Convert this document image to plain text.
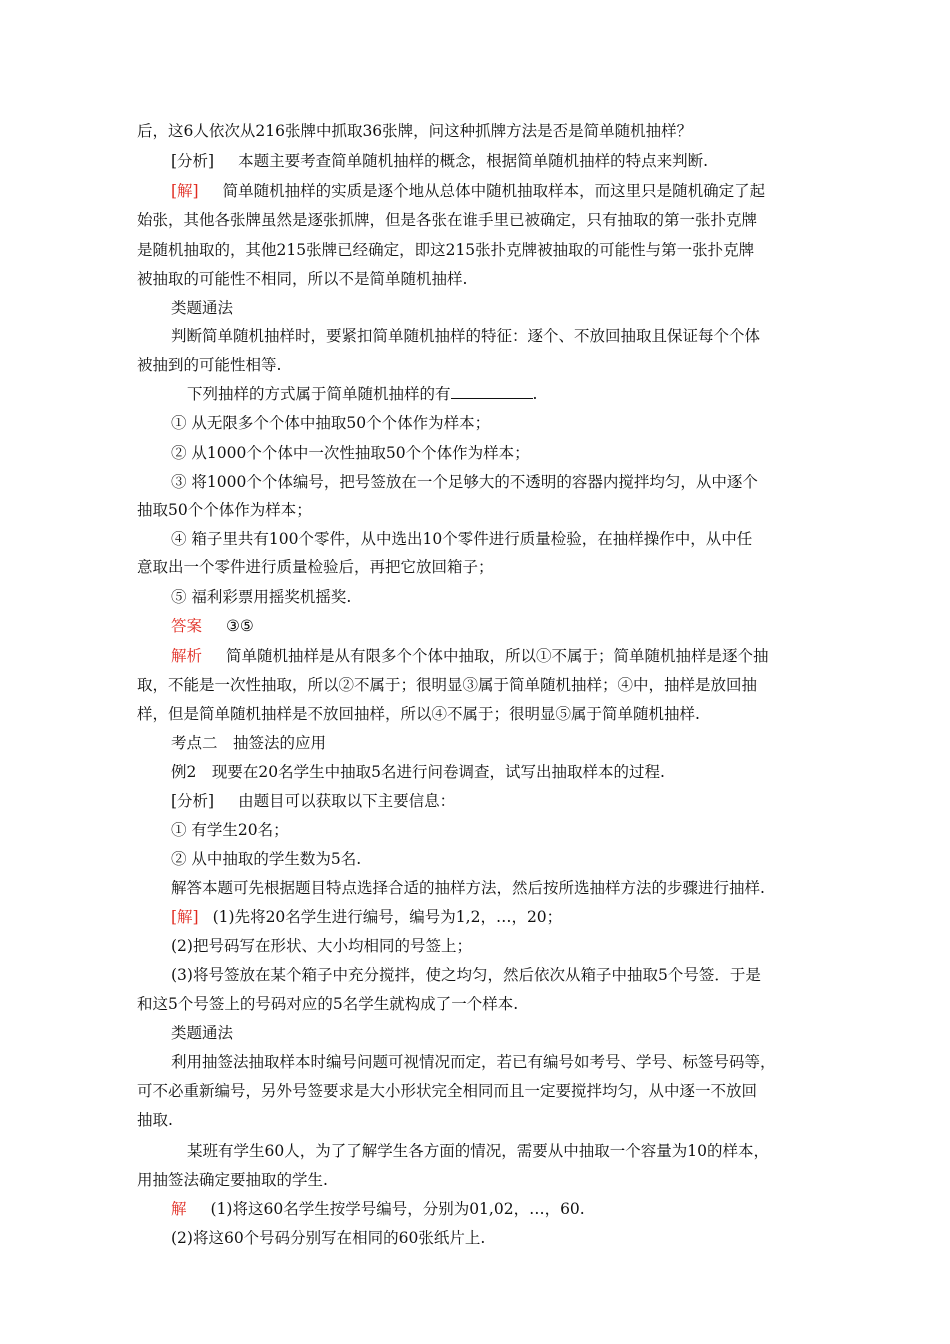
后，这6人依次从216张牌中抓取36张牌，问这种抓牌方法是否是简单随机抽样？
[分析] 本题主要考查简单随机抽样的概念，根据简单随机抽样的特点来判断.
[解] 简单随机抽样的实质是逐个地从总体中随机抽取样本，而这里只是随机确定了起
始张，其他各张牌虽然是逐张抓牌，但是各张在谁手里已被确定，只有抽取的第一张扑克牌
是随机抽取的，其他215张牌已经确定，即这215张扑克牌被抽取的可能性与第一张扑克牌
被抽取的可能性不相同，所以不是简单随机抽样.
类题通法
判断简单随机抽样时，要紧扣简单随机抽样的特征：逐个、不放回抽取且保证每个个体
被抽到的可能性相等.
下列抽样的方式属于简单随机抽样的有	.
① 从无限多个个体中抽取50个个体作为样本；
② 从1000个个体中一次性抽取50个个体作为样本；
③ 将1000个个体编号，把号签放在一个足够大的不透明的容器内搅拌均匀，从中逐个
抽取50个个体作为样本；
④ 箱子里共有100个零件，从中选出10个零件进行质量检验，在抽样操作中，从中任
意取出一个零件进行质量检验后，再把它放回箱子；
⑤ 福利彩票用摇奖机摇奖.
答案 ③⑤
解析 简单随机抽样是从有限多个个体中抽取，所以①不属于；简单随机抽样是逐个抽
取，不能是一次性抽取，所以②不属于；很明显③属于简单随机抽样；④中，抽样是放回抽
样，但是简单随机抽样是不放回抽样，所以④不属于；很明显⑤属于简单随机抽样.
考点二　抽签法的应用
例2　现要在20名学生中抽取5名进行问卷调查，试写出抽取样本的过程.
[分析] 由题目可以获取以下主要信息：
① 有学生20名；
② 从中抽取的学生数为5名.
解答本题可先根据题目特点选择合适的抽样方法，然后按所选抽样方法的步骤进行抽样.
[解] (1)先将20名学生进行编号，编号为1,2，…，20；
(2)把号码写在形状、大小均相同的号签上；
(3)将号签放在某个箱子中充分搅拌，使之均匀，然后依次从箱子中抽取5个号签．于是
和这5个号签上的号码对应的5名学生就构成了一个样本.
类题通法
利用抽签法抽取样本时编号问题可视情况而定，若已有编号如考号、学号、标签号码等，
可不必重新编号，另外号签要求是大小形状完全相同而且一定要搅拌均匀，从中逐一不放回
抽取.
某班有学生60人，为了了解学生各方面的情况，需要从中抽取一个容量为10的样本，
用抽签法确定要抽取的学生.
解 (1)将这60名学生按学号编号，分别为01,02，…，60.
(2)将这60个号码分别写在相同的60张纸片上.
